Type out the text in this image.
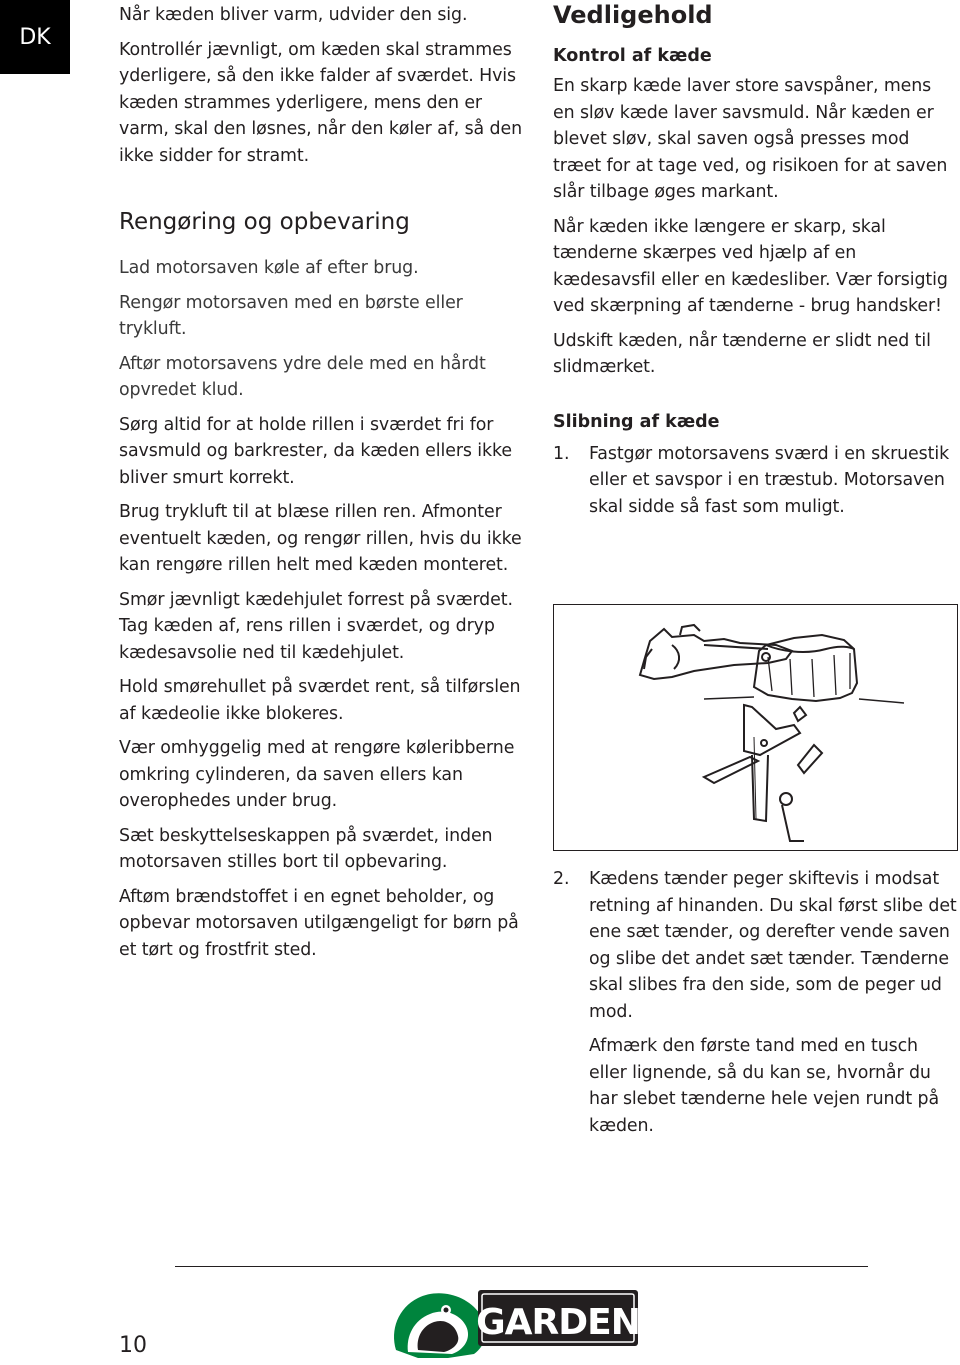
DK

Når kæden bliver varm, udvider den sig.

Kontrollér jævnligt, om kæden skal strammes yderligere, så den ikke falder af sværdet. Hvis kæden strammes yderligere, mens den er varm, skal den løsnes, når den køler af, så den ikke sidder for stramt.

Rengøring og opbevaring

Lad motorsaven køle af efter brug.

Rengør motorsaven med en børste eller trykluft.

Aftør motorsavens ydre dele med en hårdt opvredet klud.

Sørg altid for at holde rillen i sværdet fri for savsmuld og barkrester, da kæden ellers ikke bliver smurt korrekt.

Brug trykluft til at blæse rillen ren. Afmonter eventuelt kæden, og rengør rillen, hvis du ikke kan rengøre rillen helt med kæden monteret.

Smør jævnligt kædehjulet forrest på sværdet. Tag kæden af, rens rillen i sværdet, og dryp kædesavsolie ned til kædehjulet.

Hold smørehullet på sværdet rent, så tilførslen af kædeolie ikke blokeres.

Vær omhyggelig med at rengøre køleribberne omkring cylinderen, da saven ellers kan overophedes under brug.

Sæt beskyttelseskappen på sværdet, inden motorsaven stilles bort til opbevaring.

Aftøm brændstoffet i en egnet beholder, og opbevar motorsaven utilgængeligt for børn på et tørt og frostfrit sted.

Vedligehold
Kontrol af kæde

En skarp kæde laver store savspåner, mens en sløv kæde laver savsmuld. Når kæden er blevet sløv, skal saven også presses mod træet for at tage ved, og risikoen for at saven slår tilbage øges markant.

Når kæden ikke længere er skarp, skal tænderne skærpes ved hjælp af en kædesavsfil eller en kædesliber. Vær forsigtig ved skærpning af tænderne - brug handsker!

Udskift kæden, når tænderne er slidt ned til slidmærket.

Slibning af kæde

1.	Fastgør motorsavens sværd i en skruestik eller et savspor i en træstub. Motorsaven skal sidde så fast som muligt.

2.	Kædens tænder peger skiftevis i modsat retning af hinanden. Du skal først slibe det ene sæt tænder, og derefter vende saven og slibe det andet sæt tænder. Tænderne skal slibes fra den side, som de peger ud mod.

Afmærk den første tand med en tusch eller lignende, så du kan se, hvornår du har slebet tænderne hele vejen rundt på kæden.

GARDEN
10
